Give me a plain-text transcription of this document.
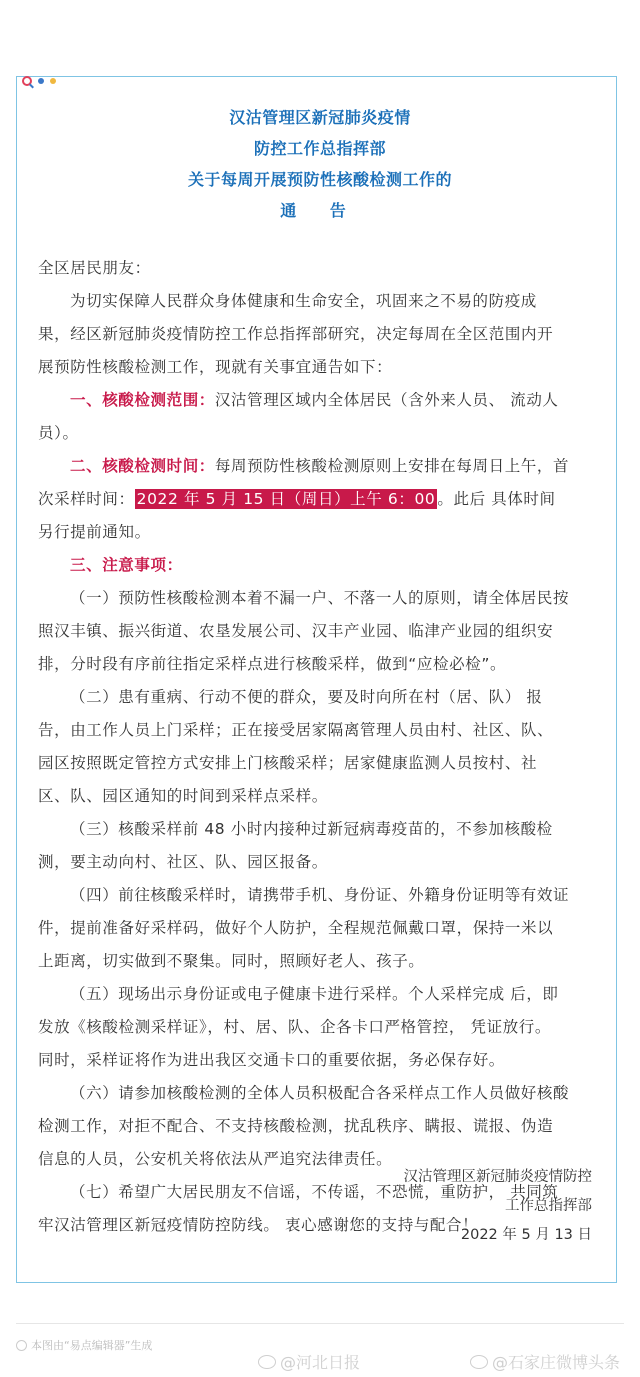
汉沽管理区新冠肺炎疫情
防控工作总指挥部
关于每周开展预防性核酸检测工作的
通 告
全区居民朋友：
为切实保障人民群众身体健康和生命安全，巩固来之不易的防疫成
果，经区新冠肺炎疫情防控工作总指挥部研究，决定每周在全区范围内开
展预防性核酸检测工作，现就有关事宜通告如下：
一、核酸检测范围：汉沽管理区域内全体居民（含外来人员、 流动人
员）。
二、核酸检测时间：每周预防性核酸检测原则上安排在每周日上午，首
次采样时间： 2022 年 5 月 15 日（周日）上午 6：00 。此后 具体时间
另行提前通知。
三、注意事项：
（一）预防性核酸检测本着不漏一户、不落一人的原则，请全体居民按
照汉丰镇、振兴街道、农垦发展公司、汉丰产业园、临津产业园的组织安
排，分时段有序前往指定采样点进行核酸采样，做到“应检必检”。
（二）患有重病、行动不便的群众，要及时向所在村（居、队） 报
告，由工作人员上门采样；正在接受居家隔离管理人员由村、社区、队、
园区按照既定管控方式安排上门核酸采样；居家健康监测人员按村、社
区、队、园区通知的时间到采样点采样。
（三）核酸采样前 48 小时内接种过新冠病毒疫苗的，不参加核酸检
测，要主动向村、社区、队、园区报备。
（四）前往核酸采样时，请携带手机、身份证、外籍身份证明等有效证
件，提前准备好采样码，做好个人防护，全程规范佩戴口罩，保持一米以
上距离，切实做到不聚集。同时，照顾好老人、孩子。
（五）现场出示身份证或电子健康卡进行采样。个人采样完成 后，即
发放《核酸检测采样证》，村、居、队、企各卡口严格管控， 凭证放行。
同时，采样证将作为进出我区交通卡口的重要依据，务必保存好。
（六）请参加核酸检测的全体人员积极配合各采样点工作人员做好核酸
检测工作，对拒不配合、不支持核酸检测，扰乱秩序、瞒报、谎报、伪造
信息的人员，公安机关将依法从严追究法律责任。
（七）希望广大居民朋友不信谣，不传谣，不恐慌，重防护， 共同筑
牢汉沽管理区新冠疫情防控防线。 衷心感谢您的支持与配合！
汉沽管理区新冠肺炎疫情防控
工作总指挥部
2022 年 5 月 13 日
本图由“易点编辑器”生成
@河北日报	@石家庄微博头条
